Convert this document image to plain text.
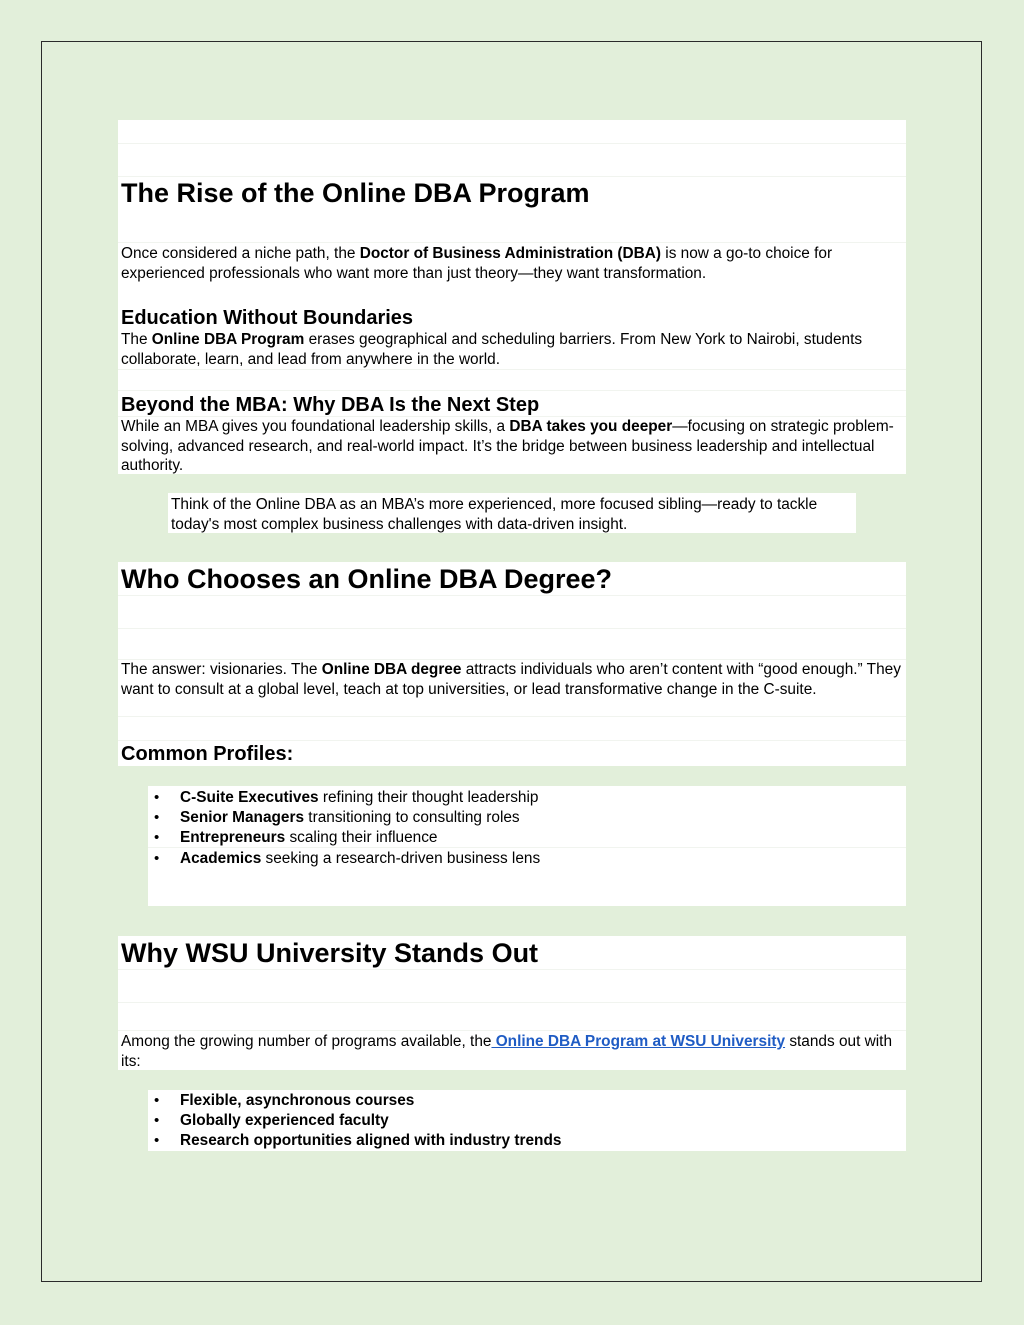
The Rise of the Online DBA Program

Once considered a niche path, the Doctor of Business Administration (DBA) is now a go-to choice for experienced professionals who want more than just theory—they want transformation.

Education Without Boundaries

The Online DBA Program erases geographical and scheduling barriers. From New York to Nairobi, students collaborate, learn, and lead from anywhere in the world.

Beyond the MBA: Why DBA Is the Next Step

While an MBA gives you foundational leadership skills, a DBA takes you deeper—focusing on strategic problem-solving, advanced research, and real-world impact. It’s the bridge between business leadership and intellectual authority.

Think of the Online DBA as an MBA’s more experienced, more focused sibling—ready to tackle today's most complex business challenges with data-driven insight.

Who Chooses an Online DBA Degree?

The answer: visionaries. The Online DBA degree attracts individuals who aren’t content with “good enough.” They want to consult at a global level, teach at top universities, or lead transformative change in the C-suite.

Common Profiles:
• C-Suite Executives refining their thought leadership
• Senior Managers transitioning to consulting roles
• Entrepreneurs scaling their influence
• Academics seeking a research-driven business lens
Why WSU University Stands Out

Among the growing number of programs available, the Online DBA Program at WSU University stands out with its:

• Flexible, asynchronous courses
• Globally experienced faculty
• Research opportunities aligned with industry trends
